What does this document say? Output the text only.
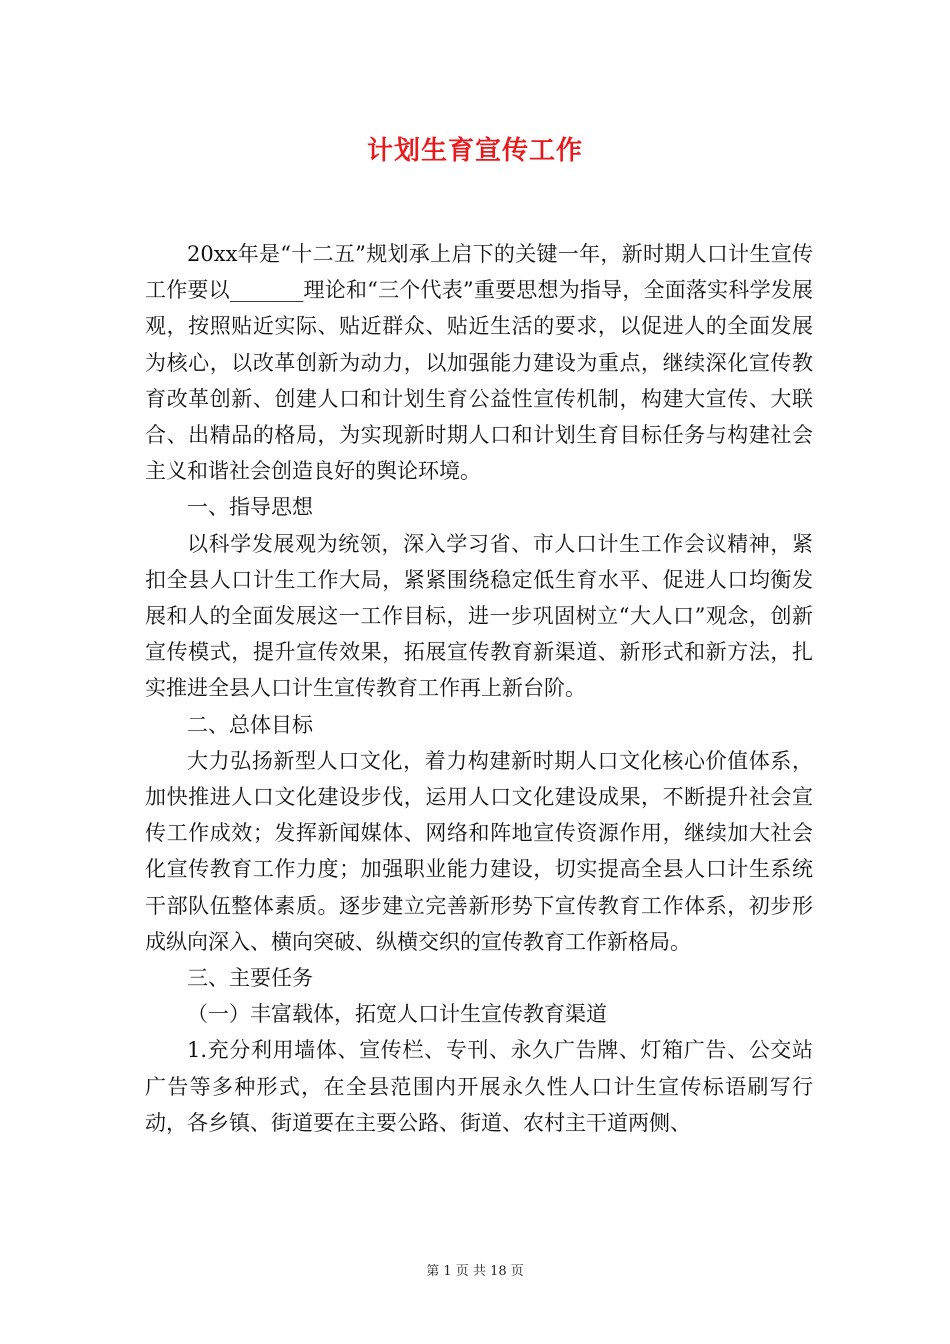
计划生育宣传工作

20xx年是“十二五”规划承上启下的关键一年，新时期人口计生宣传工作要以_______理论和“三个代表”重要思想为指导，全面落实科学发展观，按照贴近实际、贴近群众、贴近生活的要求，以促进人的全面发展为核心，以改革创新为动力，以加强能力建设为重点，继续深化宣传教育改革创新、创建人口和计划生育公益性宣传机制，构建大宣传、大联合、出精品的格局，为实现新时期人口和计划生育目标任务与构建社会主义和谐社会创造良好的舆论环境。

一、指导思想

以科学发展观为统领，深入学习省、市人口计生工作会议精神，紧扣全县人口计生工作大局，紧紧围绕稳定低生育水平、促进人口均衡发展和人的全面发展这一工作目标，进一步巩固树立“大人口”观念，创新宣传模式，提升宣传效果，拓展宣传教育新渠道、新形式和新方法，扎实推进全县人口计生宣传教育工作再上新台阶。

二、总体目标

大力弘扬新型人口文化，着力构建新时期人口文化核心价值体系，加快推进人口文化建设步伐，运用人口文化建设成果，不断提升社会宣传工作成效；发挥新闻媒体、网络和阵地宣传资源作用，继续加大社会化宣传教育工作力度；加强职业能力建设，切实提高全县人口计生系统干部队伍整体素质。逐步建立完善新形势下宣传教育工作体系，初步形成纵向深入、横向突破、纵横交织的宣传教育工作新格局。

三、主要任务

（一）丰富载体，拓宽人口计生宣传教育渠道

1.充分利用墙体、宣传栏、专刊、永久广告牌、灯箱广告、公交站广告等多种形式，在全县范围内开展永久性人口计生宣传标语刷写行动，各乡镇、街道要在主要公路、街道、农村主干道两侧、

第 1 页 共 18 页
